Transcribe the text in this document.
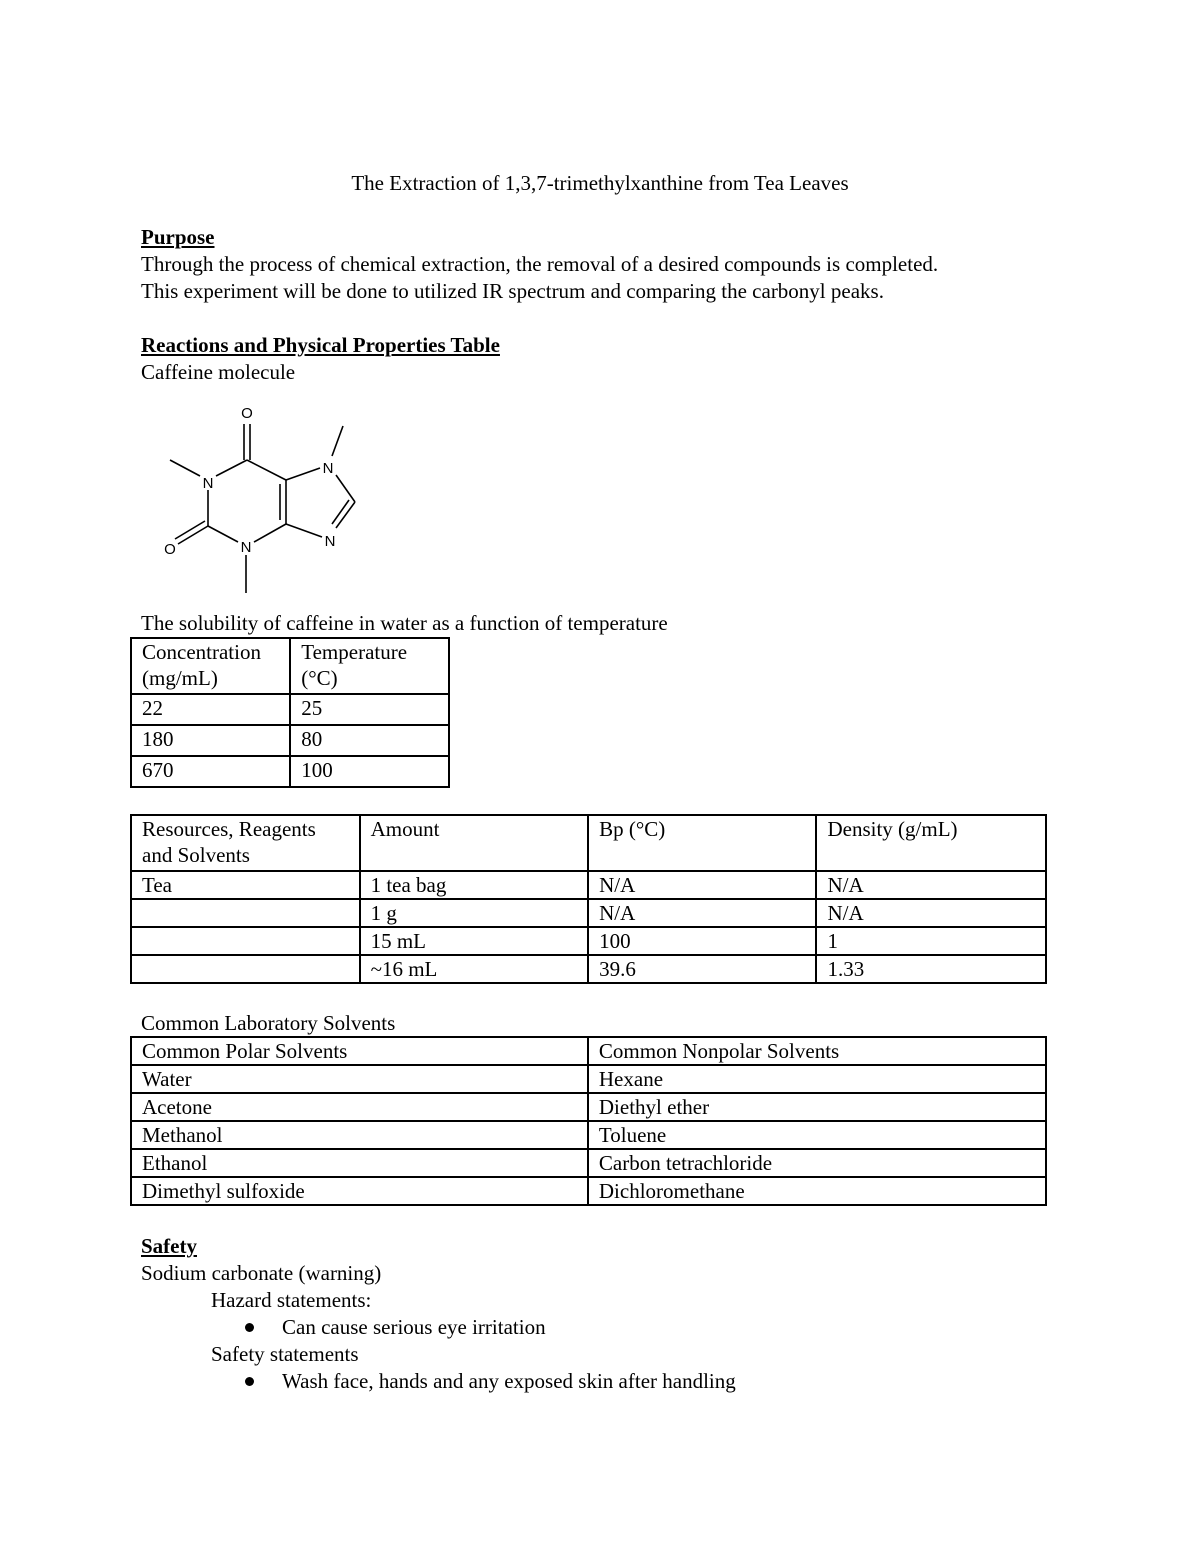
The Extraction of 1,3,7-trimethylxanthine from Tea Leaves
Purpose
Through the process of chemical extraction, the removal of a desired compounds is completed.
This experiment will be done to utilized IR spectrum and comparing the carbonyl peaks.
Reactions and Physical Properties Table
Caffeine molecule
O
N
O	N
N
N
The solubility of caffeine in water as a function of temperature
Concentration (mg/mL)	Temperature (°C)
22	25
180	80
670	100
Resources, Reagents and Solvents	Amount	Bp (°C)	Density (g/mL)
Tea	1 tea bag	N/A	N/A
	1 g	N/A	N/A
	15 mL	100	1
	~16 mL	39.6	1.33
Common Laboratory Solvents
Common Polar Solvents	Common Nonpolar Solvents
Water	Hexane
Acetone	Diethyl ether
Methanol	Toluene
Ethanol	Carbon tetrachloride
Dimethyl sulfoxide	Dichloromethane
Safety
Sodium carbonate (warning)
Hazard statements:
Can cause serious eye irritation
Safety statements
Wash face, hands and any exposed skin after handling
